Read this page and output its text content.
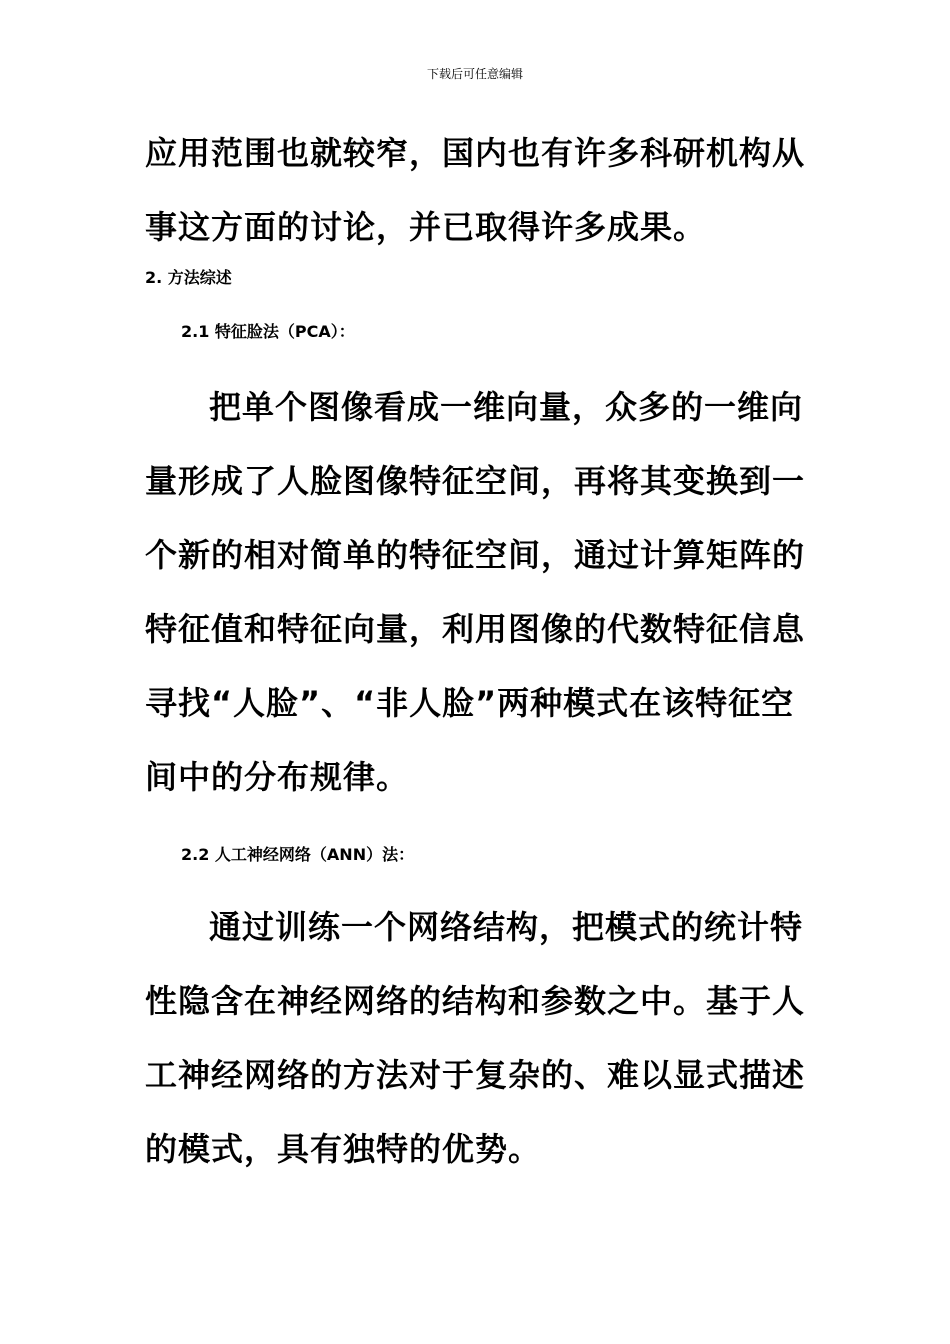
下载后可任意编辑

应用范围也就较窄，国内也有许多科研机构从事这方面的讨论，并已取得许多成果。

2. 方法综述
2.1 特征脸法（PCA）：

把单个图像看成一维向量，众多的一维向量形成了人脸图像特征空间，再将其变换到一个新的相对简单的特征空间，通过计算矩阵的特征值和特征向量，利用图像的代数特征信息寻找“人脸”、“非人脸”两种模式在该特征空间中的分布规律。

2.2 人工神经网络（ANN）法：

通过训练一个网络结构，把模式的统计特性隐含在神经网络的结构和参数之中。基于人工神经网络的方法对于复杂的、难以显式描述的模式，具有独特的优势。
